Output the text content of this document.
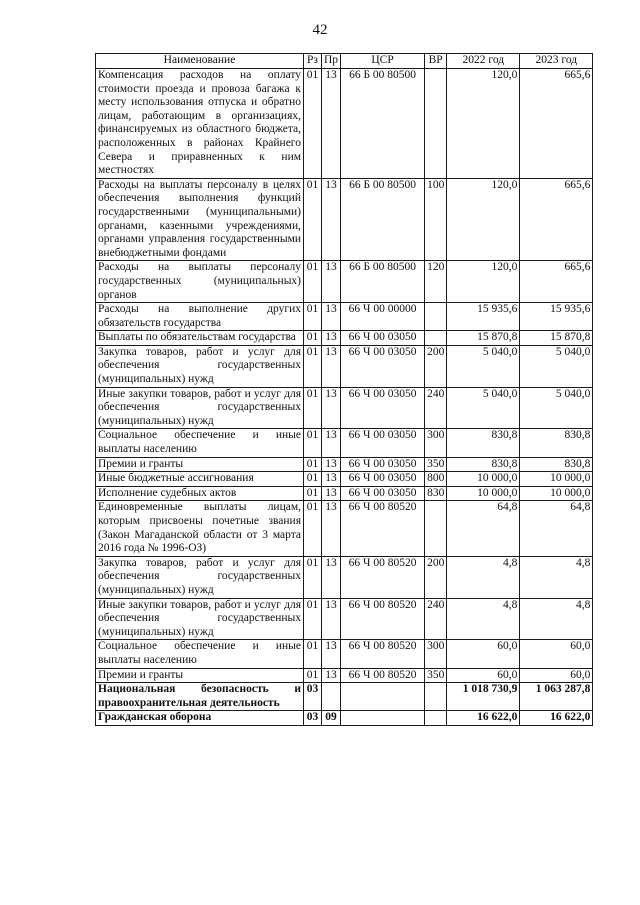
42
Наименование	Рз	Пр	ЦСР	ВР	2022 год	2023 год
Компенсация расходов на оплату стоимости проезда и провоза багажа к месту использования отпуска и обратно лицам, работающим в организациях, финансируемых из областного бюджета, расположенных в районах Крайнего Севера и приравненных к ним местностях	01	13	66 Б 00 80500		120,0	665,6
Расходы на выплаты персоналу в целях обеспечения выполнения функций государственными (муниципальными) органами, казенными учреждениями, органами управления государственными внебюджетными фондами	01	13	66 Б 00 80500	100	120,0	665,6
Расходы на выплаты персоналу государственных (муниципальных) органов	01	13	66 Б 00 80500	120	120,0	665,6
Расходы на выполнение других обязательств государства	01	13	66 Ч 00 00000		15 935,6	15 935,6
Выплаты по обязательствам государства	01	13	66 Ч 00 03050		15 870,8	15 870,8
Закупка товаров, работ и услуг для обеспечения государственных (муниципальных) нужд	01	13	66 Ч 00 03050	200	5 040,0	5 040,0
Иные закупки товаров, работ и услуг для обеспечения государственных (муниципальных) нужд	01	13	66 Ч 00 03050	240	5 040,0	5 040,0
Социальное обеспечение и иные выплаты населению	01	13	66 Ч 00 03050	300	830,8	830,8
Премии и гранты	01	13	66 Ч 00 03050	350	830,8	830,8
Иные бюджетные ассигнования	01	13	66 Ч 00 03050	800	10 000,0	10 000,0
Исполнение судебных актов	01	13	66 Ч 00 03050	830	10 000,0	10 000,0
Единовременные выплаты лицам, которым присвоены почетные звания (Закон Магаданской области от 3 марта 2016 года № 1996-ОЗ)	01	13	66 Ч 00 80520		64,8	64,8
Закупка товаров, работ и услуг для обеспечения государственных (муниципальных) нужд	01	13	66 Ч 00 80520	200	4,8	4,8
Иные закупки товаров, работ и услуг для обеспечения государственных (муниципальных) нужд	01	13	66 Ч 00 80520	240	4,8	4,8
Социальное обеспечение и иные выплаты населению	01	13	66 Ч 00 80520	300	60,0	60,0
Премии и гранты	01	13	66 Ч 00 80520	350	60,0	60,0
Национальная безопасность и правоохранительная деятельность	03				1 018 730,9	1 063 287,8
Гражданская оборона	03	09			16 622,0	16 622,0
